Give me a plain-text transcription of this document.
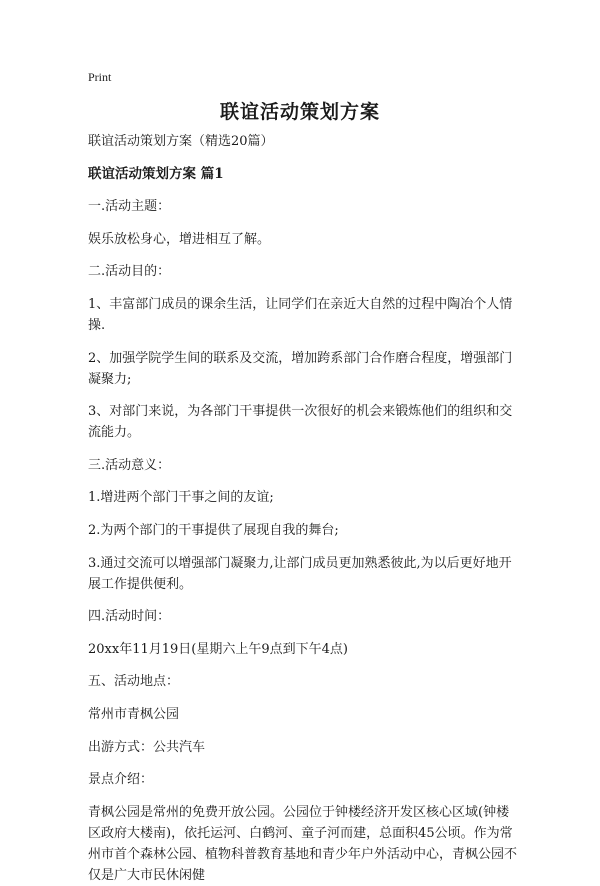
Print
联谊活动策划方案

联谊活动策划方案（精选20篇）

联谊活动策划方案 篇1

一.活动主题：

娱乐放松身心，增进相互了解。

二.活动目的：

1、丰富部门成员的课余生活，让同学们在亲近大自然的过程中陶冶个人情操.

2、加强学院学生间的联系及交流，增加跨系部门合作磨合程度，增强部门凝聚力;

3、对部门来说，为各部门干事提供一次很好的机会来锻炼他们的组织和交流能力。

三.活动意义：

1.增进两个部门干事之间的友谊;

2.为两个部门的干事提供了展现自我的舞台;

3.通过交流可以增强部门凝聚力,让部门成员更加熟悉彼此,为以后更好地开展工作提供便利。

四.活动时间：

20xx年11月19日(星期六上午9点到下午4点)

五、活动地点：

常州市青枫公园

出游方式：公共汽车

景点介绍：

青枫公园是常州的免费开放公园。公园位于钟楼经济开发区核心区域(钟楼区政府大楼南)，依托运河、白鹤河、童子河而建，总面积45公顷。作为常州市首个森林公园、植物科普教育基地和青少年户外活动中心，青枫公园不仅是广大市民休闲健
